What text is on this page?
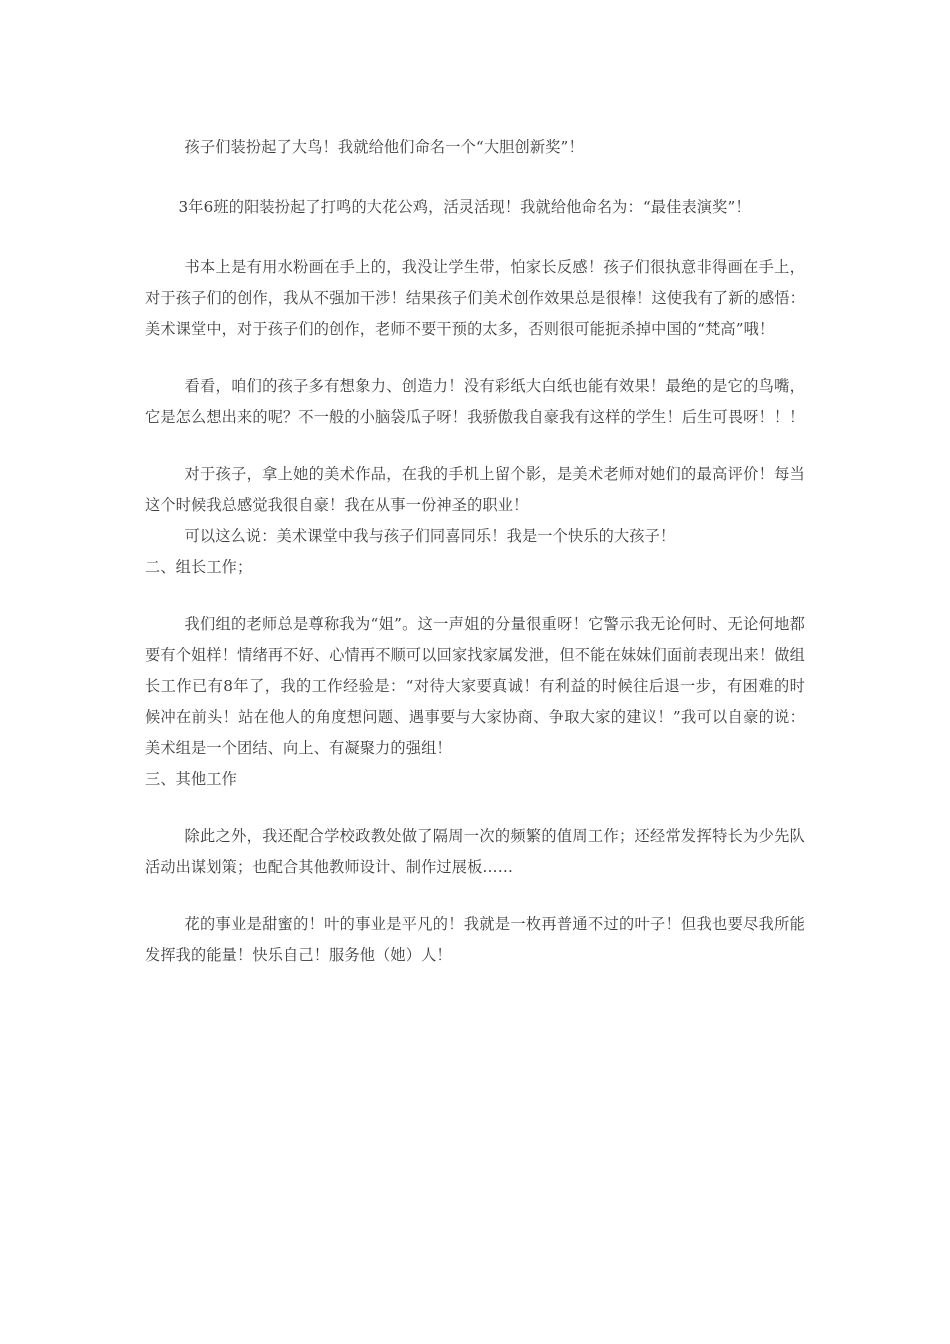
孩子们装扮起了大鸟！我就给他们命名一个“大胆创新奖”！

3年6班的阳装扮起了打鸣的大花公鸡，活灵活现！我就给他命名为：“最佳表演奖”！

书本上是有用水粉画在手上的，我没让学生带，怕家长反感！孩子们很执意非得画在手上，对于孩子们的创作，我从不强加干涉！结果孩子们美术创作效果总是很棒！这使我有了新的感悟：美术课堂中，对于孩子们的创作，老师不要干预的太多，否则很可能扼杀掉中国的“梵高”哦！

看看，咱们的孩子多有想象力、创造力！没有彩纸大白纸也能有效果！最绝的是它的鸟嘴，它是怎么想出来的呢？不一般的小脑袋瓜子呀！我骄傲我自豪我有这样的学生！后生可畏呀！！！

对于孩子，拿上她的美术作品，在我的手机上留个影，是美术老师对她们的最高评价！每当这个时候我总感觉我很自豪！我在从事一份神圣的职业！

可以这么说：美术课堂中我与孩子们同喜同乐！我是一个快乐的大孩子！

二、组长工作；

我们组的老师总是尊称我为“姐”。这一声姐的分量很重呀！它警示我无论何时、无论何地都要有个姐样！情绪再不好、心情再不顺可以回家找家属发泄，但不能在妹妹们面前表现出来！做组长工作已有8年了，我的工作经验是：“对待大家要真诚！有利益的时候往后退一步，有困难的时候冲在前头！站在他人的角度想问题、遇事要与大家协商、争取大家的建议！”我可以自豪的说：美术组是一个团结、向上、有凝聚力的强组！

三、其他工作

除此之外，我还配合学校政教处做了隔周一次的频繁的值周工作；还经常发挥特长为少先队活动出谋划策；也配合其他教师设计、制作过展板……

花的事业是甜蜜的！叶的事业是平凡的！我就是一枚再普通不过的叶子！但我也要尽我所能发挥我的能量！快乐自己！服务他（她）人！
